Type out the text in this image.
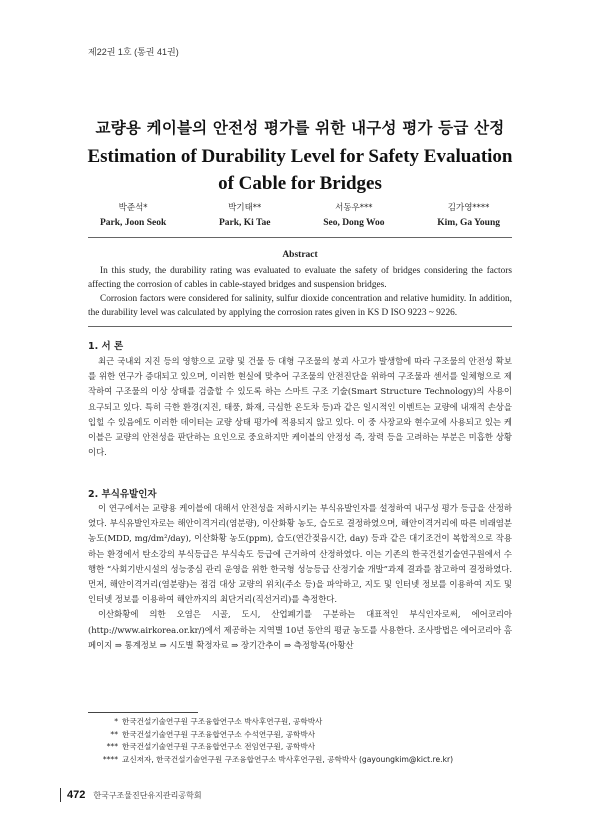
제22권 1호 (통권 41권)
교량용 케이블의 안전성 평가를 위한 내구성 평가 등급 산정
Estimation of Durability Level for Safety Evaluation of Cable for Bridges
박준석*
Park, Joon Seok
박기태**
Park, Ki Tae
서동우***
Seo, Dong Woo
김가영****
Kim, Ga Young
Abstract

In this study, the durability rating was evaluated to evaluate the safety of bridges considering the factors affecting the corrosion of cables in cable-stayed bridges and suspension bridges.

Corrosion factors were considered for salinity, sulfur dioxide concentration and relative humidity. In addition, the durability level was calculated by applying the corrosion rates given in KS D ISO 9223 ~ 9226.

1. 서 론

최근 국내외 지진 등의 영향으로 교량 및 건물 등 대형 구조물의 붕괴 사고가 발생함에 따라 구조물의 안전성 확보를 위한 연구가 증대되고 있으며, 이러한 현실에 맞추어 구조물의 안전진단을 위하여 구조물과 센서를 일체형으로 제작하여 구조물의 이상 상태를 검출할 수 있도록 하는 스마트 구조 기술(Smart Structure Technology)의 사용이 요구되고 있다. 특히 극한 환경(지진, 태풍, 화재, 극심한 온도차 등)과 같은 일시적인 이벤트는 교량에 내재적 손상을 입힐 수 있음에도 이러한 데이터는 교량 상태 평가에 적용되지 않고 있다. 이 중 사장교와 현수교에 사용되고 있는 케이블은 교량의 안전성을 판단하는 요인으로 중요하지만 케이블의 안정성 즉, 장력 등을 고려하는 부분은 미흡한 상황이다.

2. 부식유발인자

이 연구에서는 교량용 케이블에 대해서 안전성을 저하시키는 부식유발인자를 설정하여 내구성 평가 등급을 산정하였다. 부식유발인자로는 해안이격거리(염분량), 이산화황 농도, 습도로 결정하였으며, 해안이격거리에 따른 비래염분 농도(MDD, mg/dm²/day), 이산화황 농도(ppm), 습도(연간젖음시간, day) 등과 같은 대기조건이 복합적으로 작용하는 환경에서 탄소강의 부식등급은 부식속도 등급에 근거하여 산정하였다. 이는 기존의 한국건설기술연구원에서 수행한 “사회기반시설의 성능중심 관리 운영을 위한 한국형 성능등급 산정기술 개발”과제 결과를 참고하여 결정하였다. 먼저, 해안이격거리(염분량)는 점검 대상 교량의 위치(주소 등)을 파악하고, 지도 및 인터넷 정보를 이용하여 지도 및 인터넷 정보를 이용하여 해안까지의 최단거리(직선거리)를 측정한다.

이산화황에 의한 오염은 시골, 도시, 산업폐기를 구분하는 대표적인 부식인자로써, 에어코리아(http://www.airkorea.or.kr/)에서 제공하는 지역별 10년 동안의 평균 농도를 사용한다. 조사방법은 에어코리아 홈페이지 ⇒ 통계정보 ⇒ 시도별 확정자료 ⇒ 장기간추이 ⇒ 측정항목(아황산

* 한국건설기술연구원 구조융합연구소 박사후연구원, 공학박사
** 한국건설기술연구원 구조융합연구소 수석연구원, 공학박사
*** 한국건설기술연구원 구조융합연구소 전임연구원, 공학박사
**** 교신저자, 한국건설기술연구원 구조융합연구소 박사후연구원, 공학박사 (gayoungkim@kict.re.kr)
472 한국구조물진단유지관리공학회
